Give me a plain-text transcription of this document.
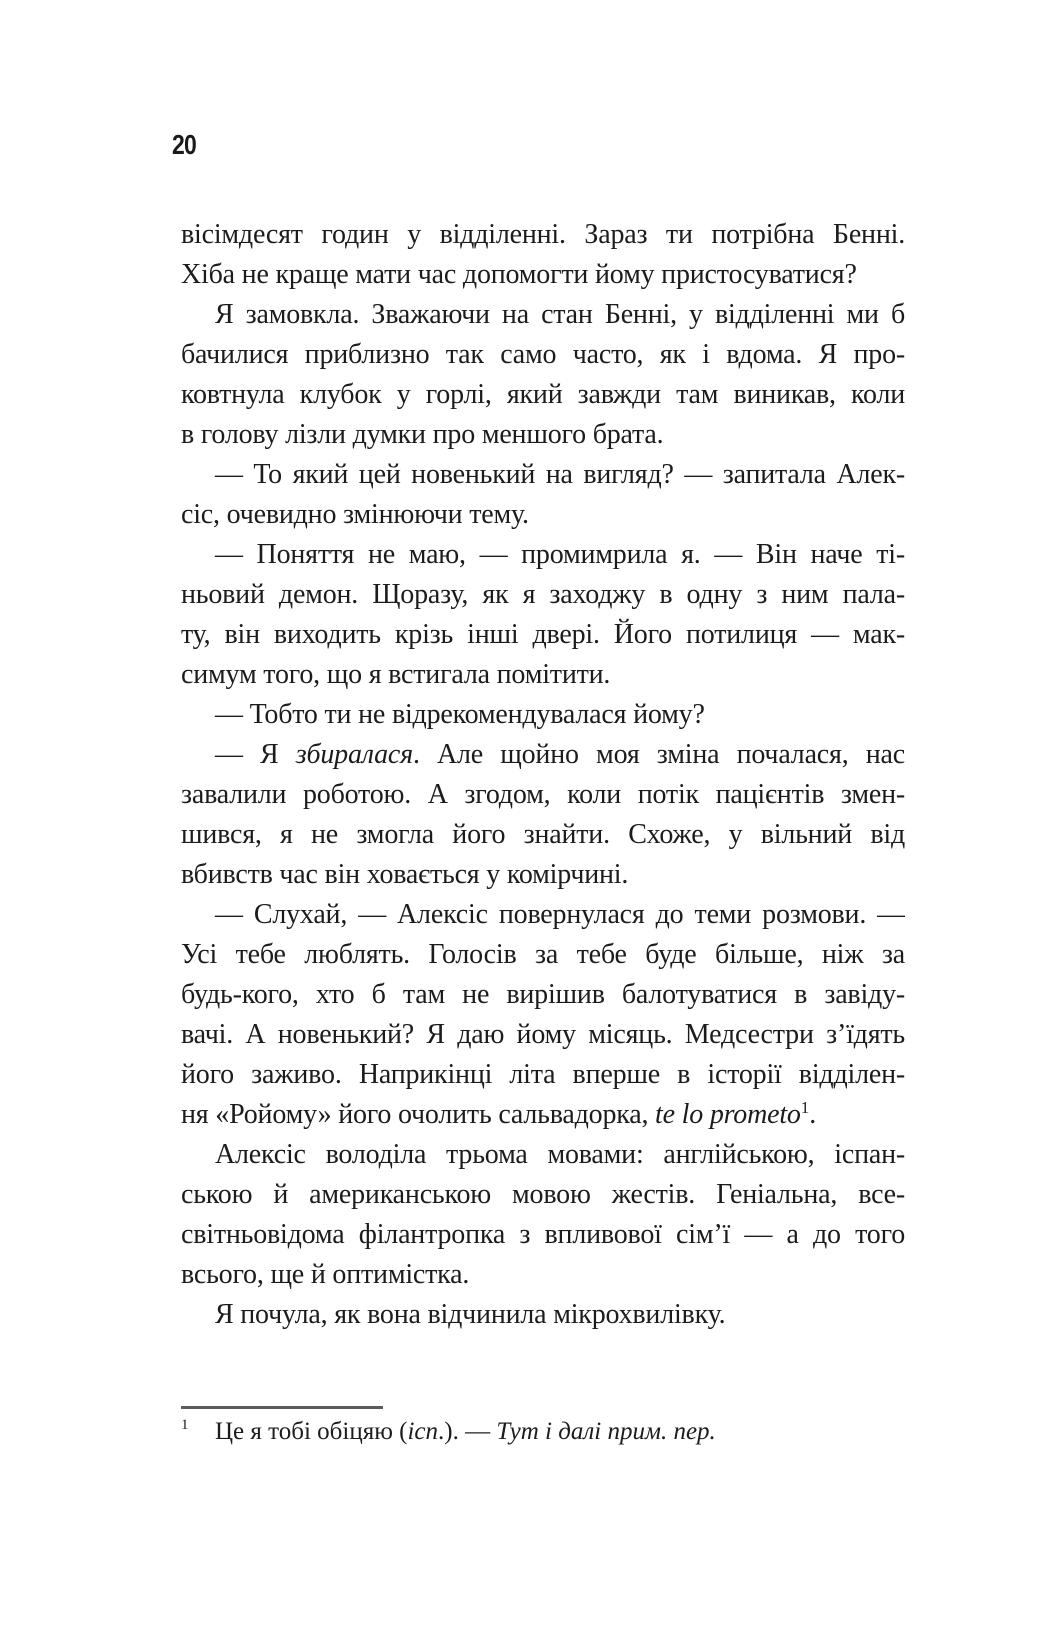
20
вісімдесят годин у відділенні. Зараз ти потрібна Бенні.
Хіба не краще мати час допомогти йому пристосуватися?
Я замовкла. Зважаючи на стан Бенні, у відділенні ми б
бачилися приблизно так само часто, як і вдома. Я про-
ковтнула клубок у горлі, який завжди там виникав, коли
в голову лізли думки про меншого брата.
— То який цей новенький на вигляд? — запитала Алек-
сіс, очевидно змінюючи тему.
— Поняття не маю, — промимрила я. — Він наче ті-
ньовий демон. Щоразу, як я заходжу в одну з ним пала-
ту, він виходить крізь інші двері. Його потилиця — мак-
симум того, що я встигала помітити.
— Тобто ти не відрекомендувалася йому?
— Я збиралася. Але щойно моя зміна почалася, нас
завалили роботою. А згодом, коли потік пацієнтів змен-
шився, я не змогла його знайти. Схоже, у вільний від
вбивств час він ховається у комірчині.
— Слухай, — Алексіс повернулася до теми розмови. —
Усі тебе люблять. Голосів за тебе буде більше, ніж за
будь-кого, хто б там не вирішив балотуватися в завіду-
вачі. А новенький? Я даю йому місяць. Медсестри з’їдять
його заживо. Наприкінці літа вперше в історії відділен-
ня «Ройому» його очолить сальвадорка, te lo prometo$^1$.
Алексіс володіла трьома мовами: англійською, іспан-
ською й американською мовою жестів. Геніальна, все-
світньовідома філантропка з впливової сім’ї — а до того
всього, ще й оптимістка.
Я почула, як вона відчинила мікрохвилівку.
1 Це я тобі обіцяю (ісп.). — Тут і далі прим. пер.
